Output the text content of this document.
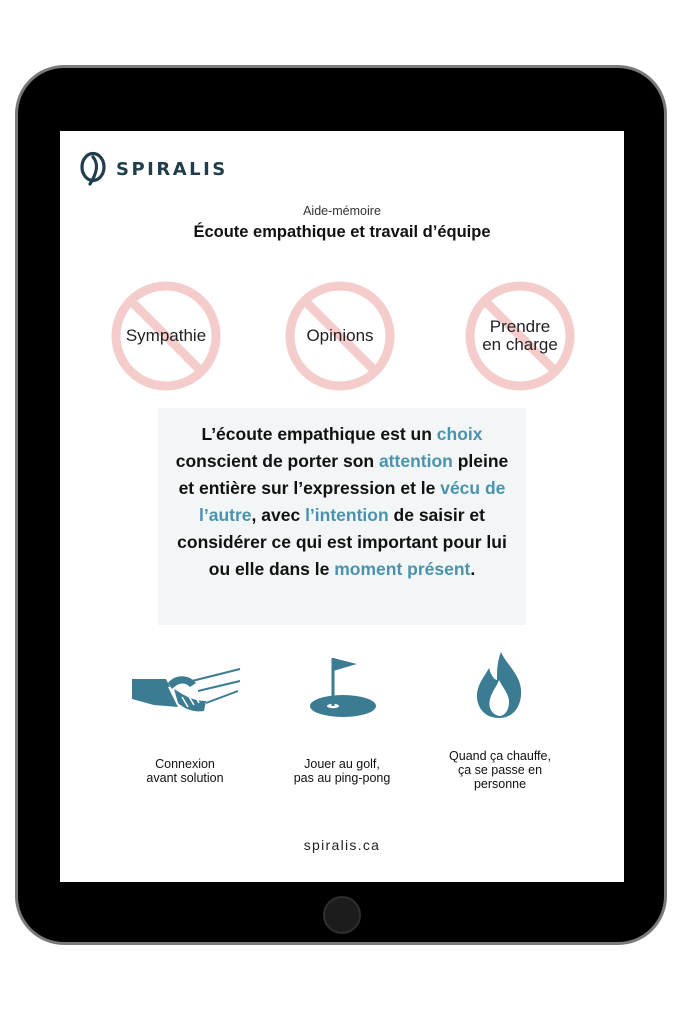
SPIRALIS
Aide-mémoire
Écoute empathique et travail d’équipe
Sympathie	Opinions	Prendre
en charge
L’écoute empathique est un choix conscient de porter son attention pleine et entière sur l’expression et le vécu de l’autre, avec l’intention de saisir et considérer ce qui est important pour lui ou elle dans le moment présent.
Connexion
avant solution
Jouer au golf,
pas au ping-pong
Quand ça chauffe,
ça se passe en
personne
spiralis.ca
